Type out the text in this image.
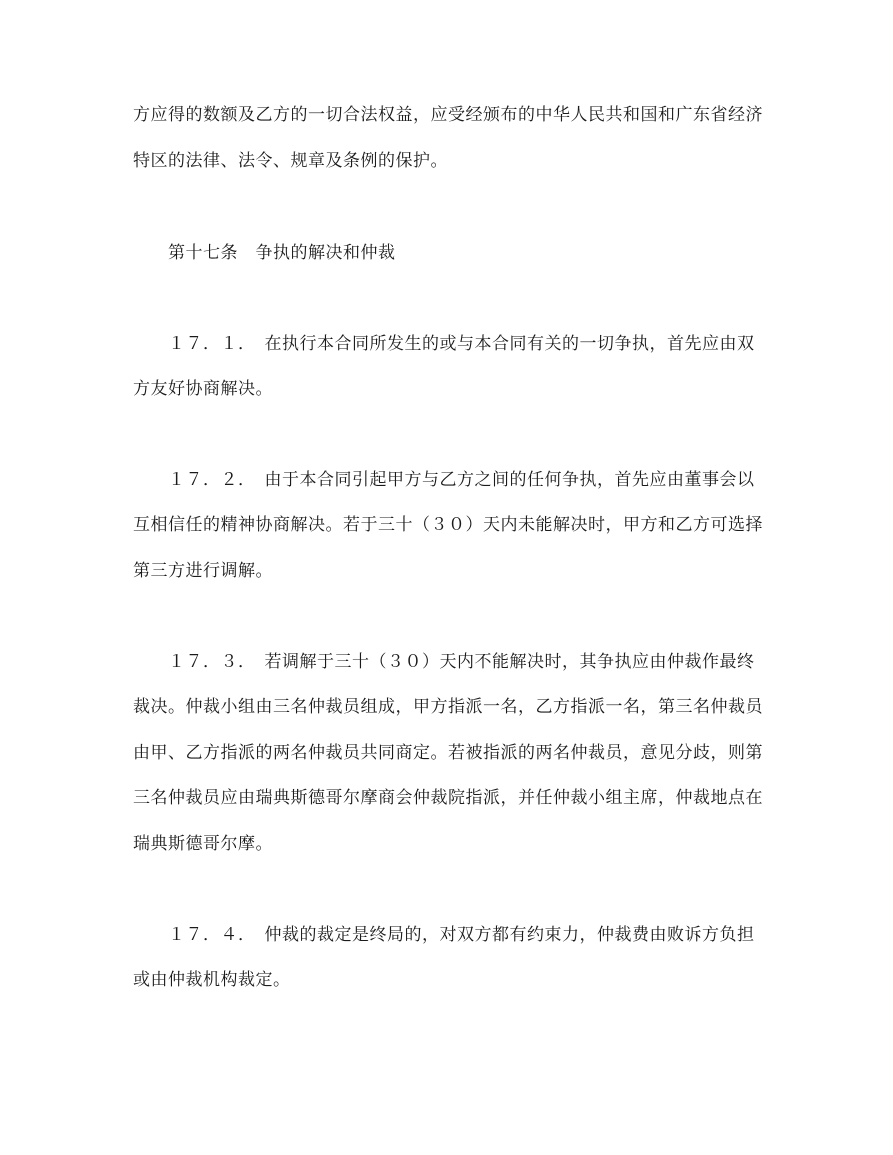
方应得的数额及乙方的一切合法权益，应受经颁布的中华人民共和国和广东省经济
特区的法律、法令、规章及条例的保护。
第十七条　争执的解决和仲裁
１７．１．　在执行本合同所发生的或与本合同有关的一切争执，首先应由双
方友好协商解决。
１７．２．　由于本合同引起甲方与乙方之间的任何争执，首先应由董事会以
互相信任的精神协商解决。若于三十（３０）天内未能解决时，甲方和乙方可选择
第三方进行调解。
１７．３．　若调解于三十（３０）天内不能解决时，其争执应由仲裁作最终
裁决。仲裁小组由三名仲裁员组成，甲方指派一名，乙方指派一名，第三名仲裁员
由甲、乙方指派的两名仲裁员共同商定。若被指派的两名仲裁员，意见分歧，则第
三名仲裁员应由瑞典斯德哥尔摩商会仲裁院指派，并任仲裁小组主席，仲裁地点在
瑞典斯德哥尔摩。
１７．４．　仲裁的裁定是终局的，对双方都有约束力，仲裁费由败诉方负担
或由仲裁机构裁定。
